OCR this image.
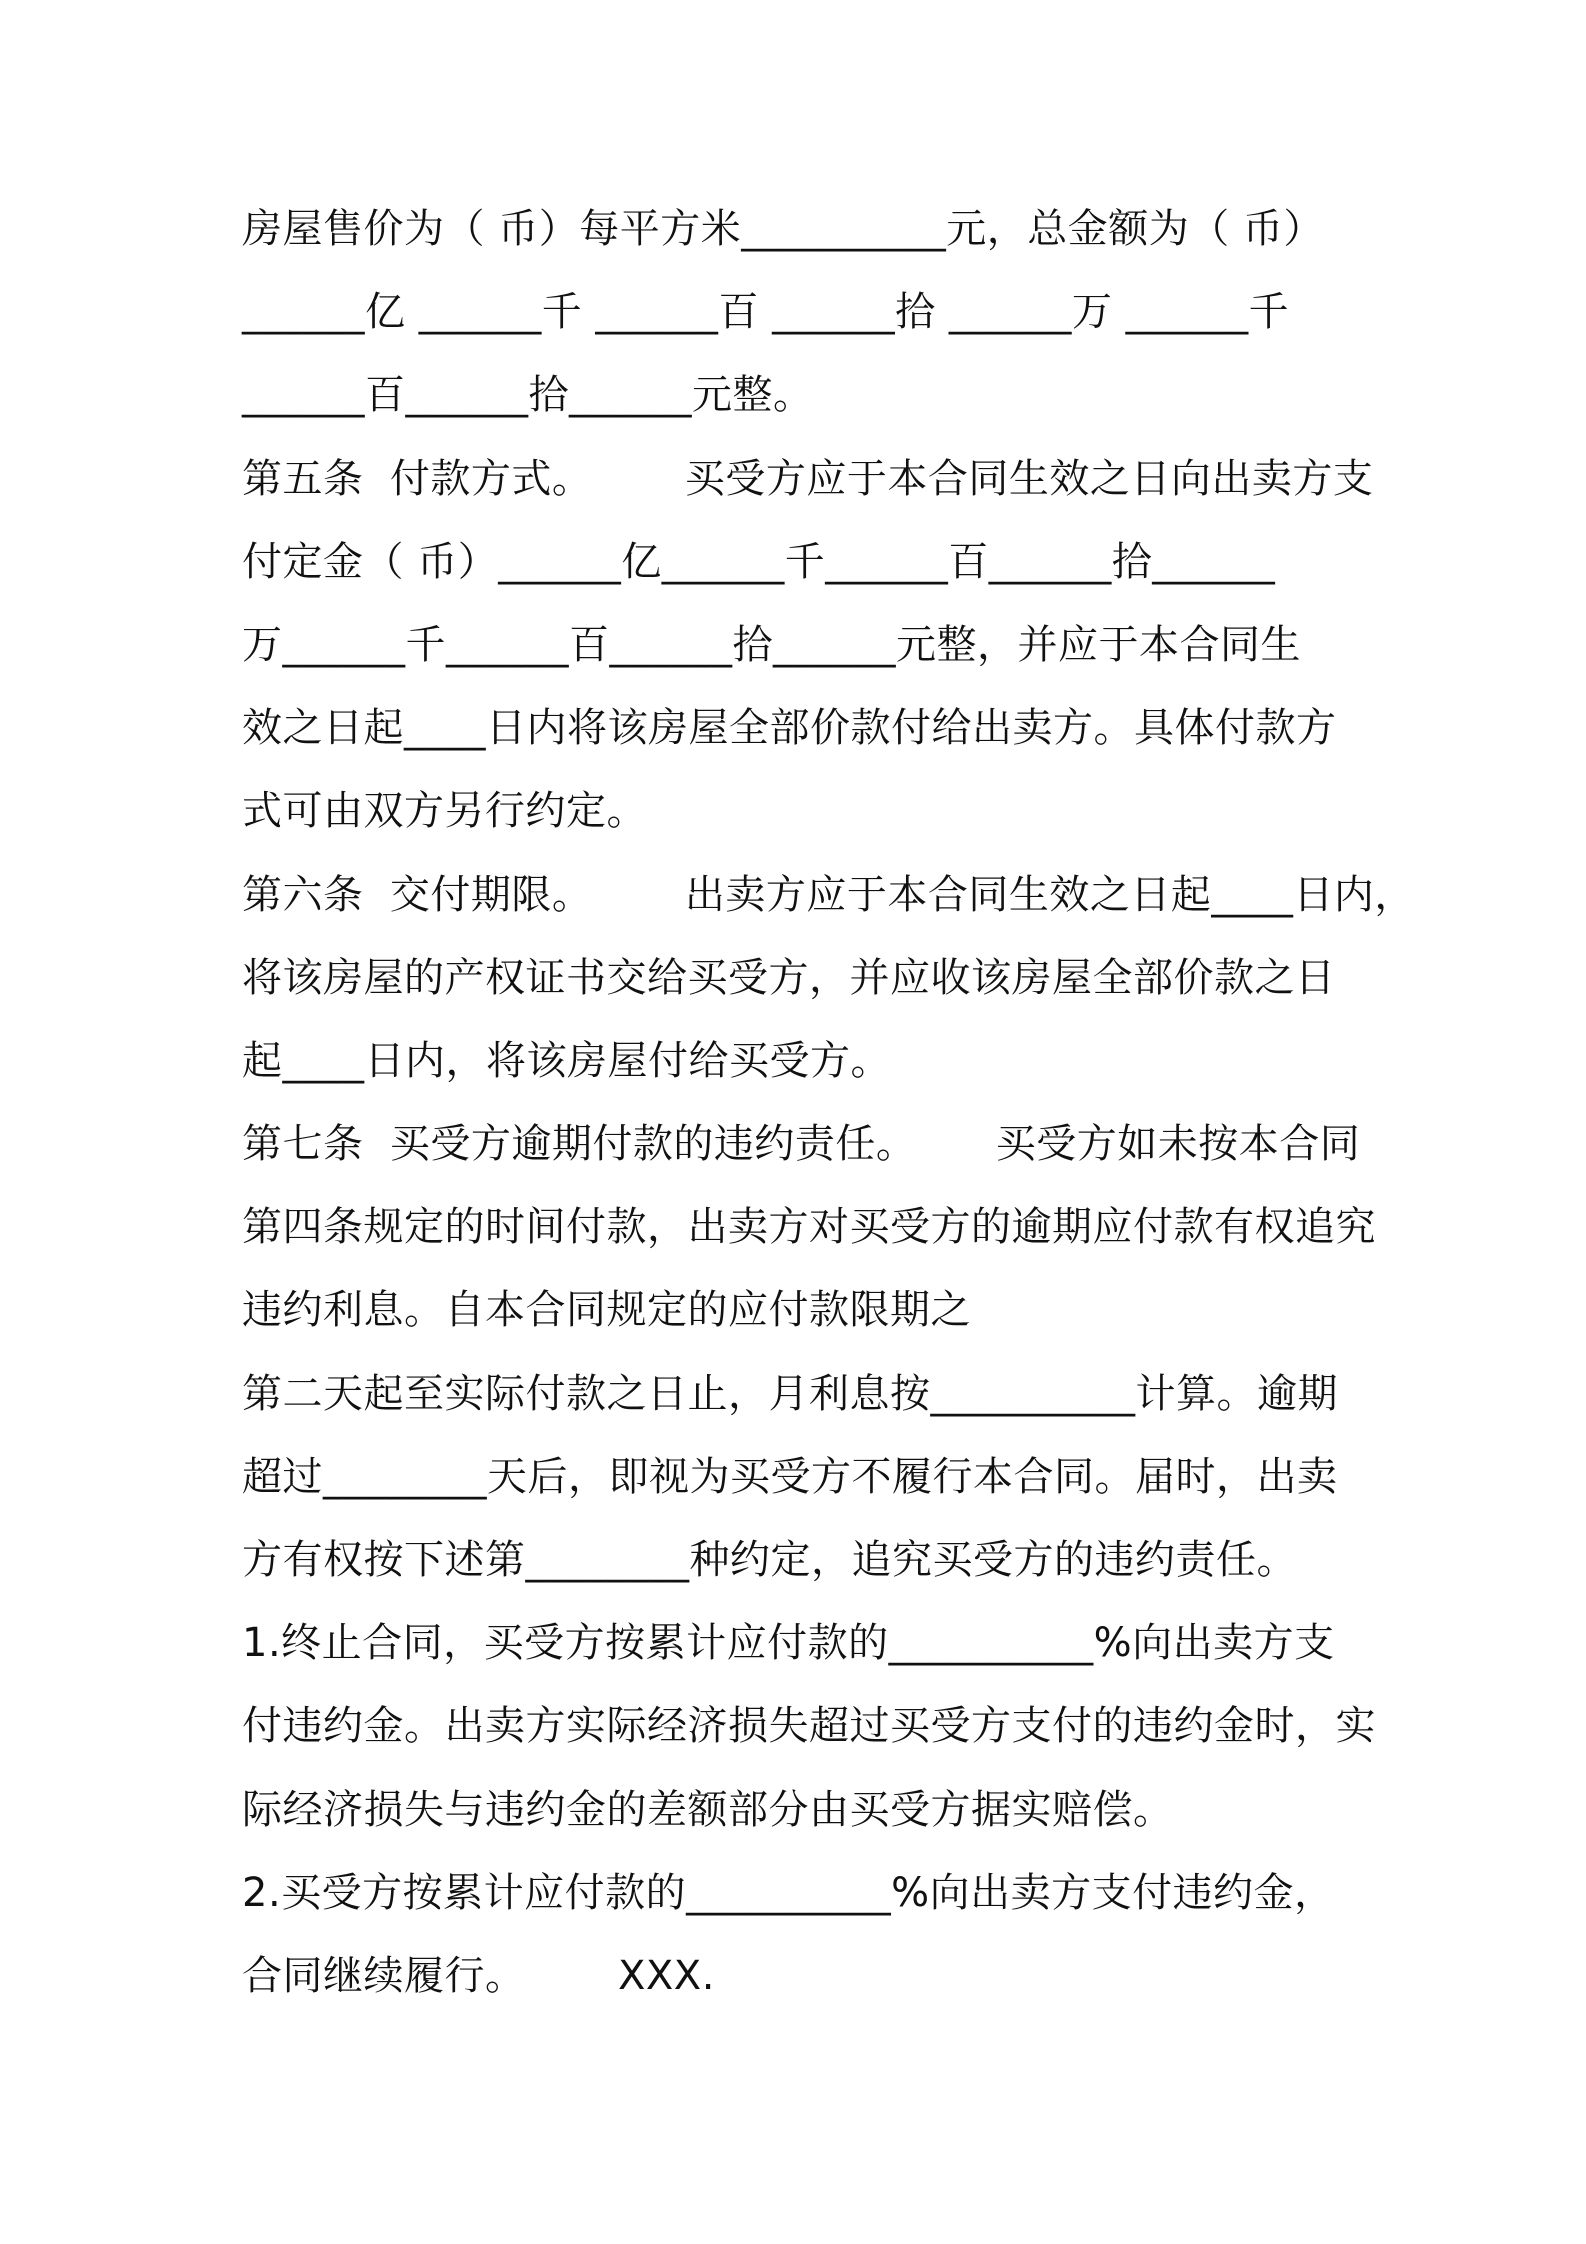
房屋售价为（ 币）每平方米__________元，总金额为（ 币）
______亿 ______千 ______百 ______拾 ______万 ______千
______百______拾______元整。
第五条  付款方式。       买受方应于本合同生效之日向出卖方支
付定金（ 币）______亿______千______百______拾______
万______千______百______拾______元整，并应于本合同生
效之日起____日内将该房屋全部价款付给出卖方。具体付款方
式可由双方另行约定。
第六条  交付期限。       出卖方应于本合同生效之日起____日内，
将该房屋的产权证书交给买受方，并应收该房屋全部价款之日
起____日内，将该房屋付给买受方。
第七条  买受方逾期付款的违约责任。      买受方如未按本合同
第四条规定的时间付款，出卖方对买受方的逾期应付款有权追究
违约利息。自本合同规定的应付款限期之
第二天起至实际付款之日止，月利息按__________计算。逾期
超过________天后，即视为买受方不履行本合同。届时，出卖
方有权按下述第________种约定，追究买受方的违约责任。
1.终止合同，买受方按累计应付款的__________%向出卖方支
付违约金。出卖方实际经济损失超过买受方支付的违约金时，实
际经济损失与违约金的差额部分由买受方据实赔偿。
2.买受方按累计应付款的__________%向出卖方支付违约金，
合同继续履行。       XXX.
